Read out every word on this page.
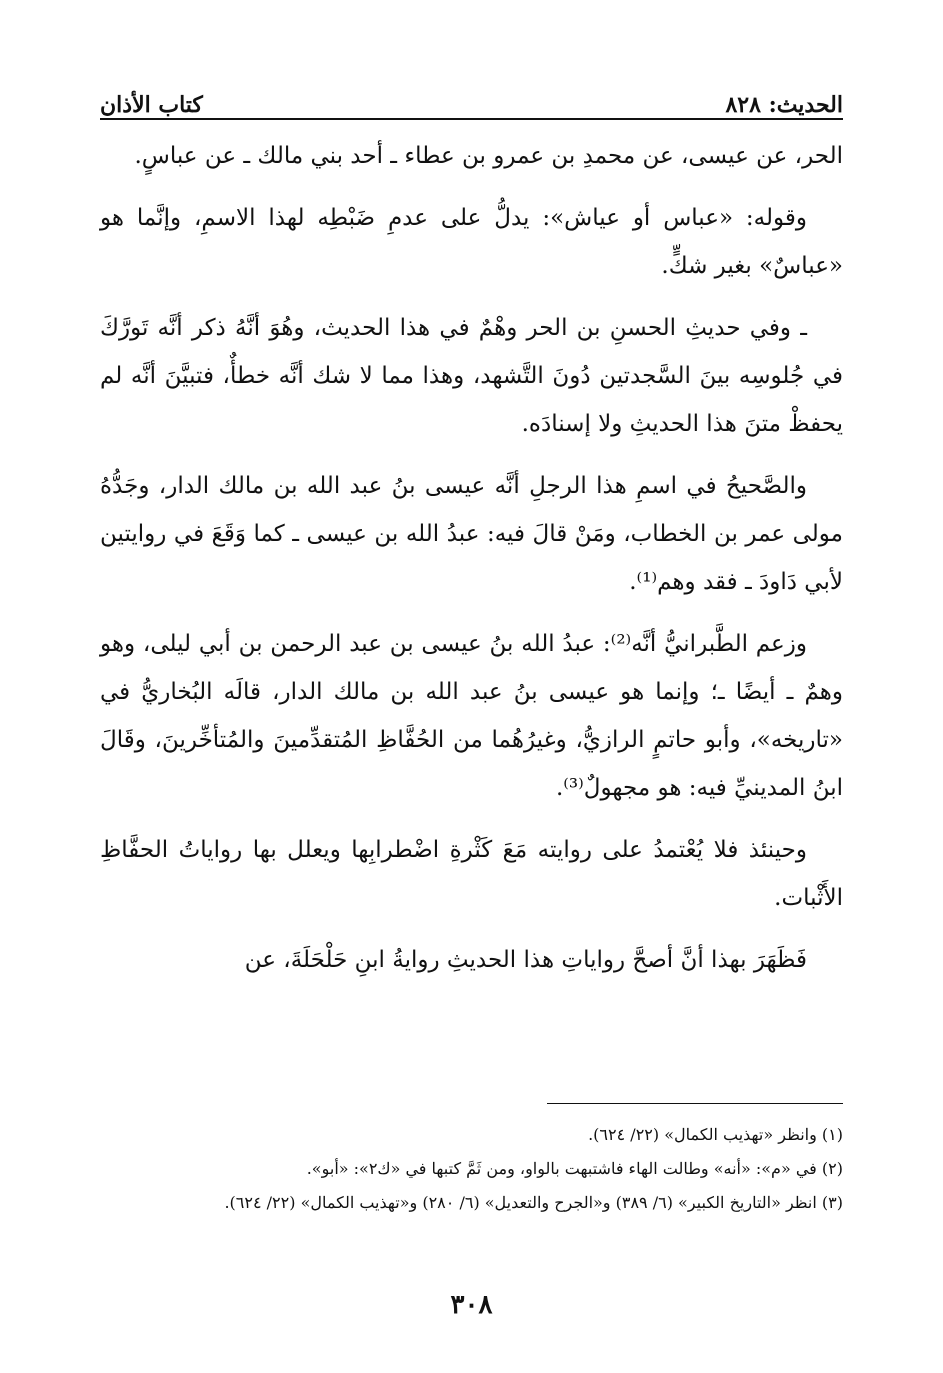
الحديث: ٨٢٨
كتاب الأذان

الحر، عن عيسى، عن محمدِ بن عمرو بن عطاء ـ أحد بني مالك ـ عن عباسٍ.

وقوله: «عباس أو عياش»: يدلُّ على عدمِ ضَبْطِه لهذا الاسمِ، وإنَّما هو «عباسٌ» بغير شكٍّ.

ـ وفي حديثِ الحسنِ بن الحر وهْمٌ في هذا الحديث، وهُوَ أنَّهُ ذكر أنَّه تَورَّكَ في جُلوسِه بينَ السَّجدتين دُونَ التَّشهد، وهذا مما لا شك أنَّه خطأٌ، فتبيَّنَ أنَّه لم يحفظْ متنَ هذا الحديثِ ولا إسنادَه.

والصَّحيحُ في اسمِ هذا الرجلِ أنَّه عيسى بنُ عبد الله بن مالك الدار، وجَدُّهُ مولى عمر بن الخطاب، ومَنْ قالَ فيه: عبدُ الله بن عيسى ـ كما وَقَعَ في روايتين لأبي دَاودَ ـ فقد وهم⁽¹⁾.

وزعم الطَّبرانيُّ أنَّه⁽²⁾: عبدُ الله بنُ عيسى بن عبد الرحمن بن أبي ليلى، وهو وهمٌ ـ أيضًا ـ؛ وإنما هو عيسى بنُ عبد الله بن مالك الدار، قالَه البُخاريُّ في «تاريخه»، وأبو حاتمٍ الرازيُّ، وغيرُهُما من الحُفَّاظِ المُتقدِّمينَ والمُتأخِّرينَ، وقَالَ ابنُ المدينيِّ فيه: هو مجهولٌ⁽³⁾.

وحينئذ فلا يُعْتمدُ على روايته مَعَ كَثْرةِ اضْطرابِها ويعلل بها رواياتُ الحفَّاظِ الأَثْبات.

فَظَهَرَ بهذا أنَّ أصحَّ رواياتِ هذا الحديثِ روايةُ ابنِ حَلْحَلَةَ، عن

(١) وانظر «تهذيب الكمال» (٢٢/ ٦٢٤).

(٢) في «م»: «أنه» وطالت الهاء فاشتبهت بالواو، ومن ثَمَّ كتبها في «ك٢»: «أبو».

(٣) انظر «التاريخ الكبير» (٦/ ٣٨٩) و«الجرح والتعديل» (٦/ ٢٨٠) و«تهذيب الكمال» (٢٢/ ٦٢٤).

٣٠٨
